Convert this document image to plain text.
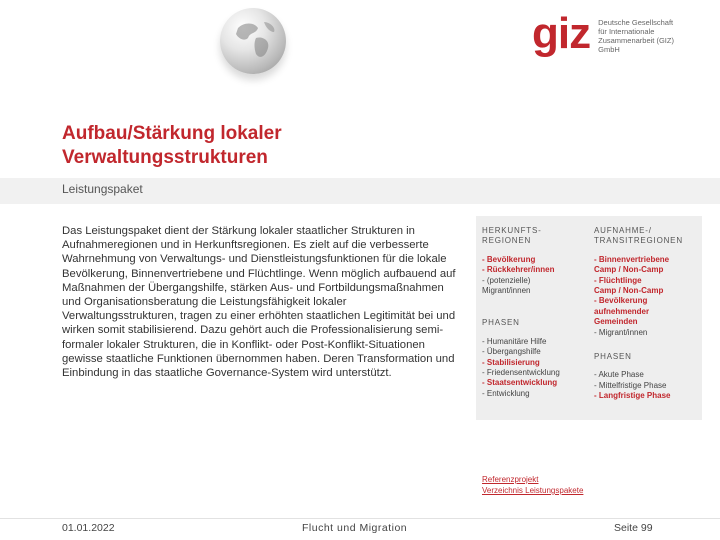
giz Deutsche Gesellschaft
für Internationale
Zusammenarbeit (GIZ) GmbH
Aufbau/Stärkung lokaler
Verwaltungsstrukturen
Leistungspaket
Das Leistungspaket dient der Stärkung lokaler staatlicher Strukturen in Aufnahmeregionen und in Herkunftsregionen. Es zielt auf die verbesserte Wahrnehmung von Verwaltungs- und Dienstleistungsfunktionen für die lokale Bevölkerung, Binnenvertriebene und Flüchtlinge. Wenn möglich aufbauend auf Maßnahmen der Übergangshilfe, stärken Aus- und Fortbildungsmaßnahmen und Organisationsberatung die Leistungsfähigkeit lokaler Verwaltungsstrukturen, tragen zu einer erhöhten staatlichen Legitimität bei und wirken somit stabilisierend. Dazu gehört auch die Professionalisierung semi-formaler lokaler Strukturen, die in Konflikt- oder Post-Konflikt-Situationen gewisse staatliche Funktionen übernommen haben. Deren Transformation und Einbindung in das staatliche Governance-System wird unterstützt.
HERKUNFTS-
REGIONEN
- Bevölkerung
- Rückkehrer/innen
- (potenzielle)
Migrant/innen
PHASEN
- Humanitäre Hilfe
- Übergangshilfe
- Stabilisierung
- Friedensentwicklung
- Staatsentwicklung
- Entwicklung
AUFNAHME-/
TRANSITREGIONEN
- Binnenvertriebene
Camp / Non-Camp
- Flüchtlinge
Camp / Non-Camp
- Bevölkerung
aufnehmender
Gemeinden
- Migrant/innen
PHASEN
- Akute Phase
- Mittelfristige Phase
- Langfristige Phase
Referenzprojekt
Verzeichnis Leistungspakete
01.01.2022	Flucht und Migration	Seite 99
